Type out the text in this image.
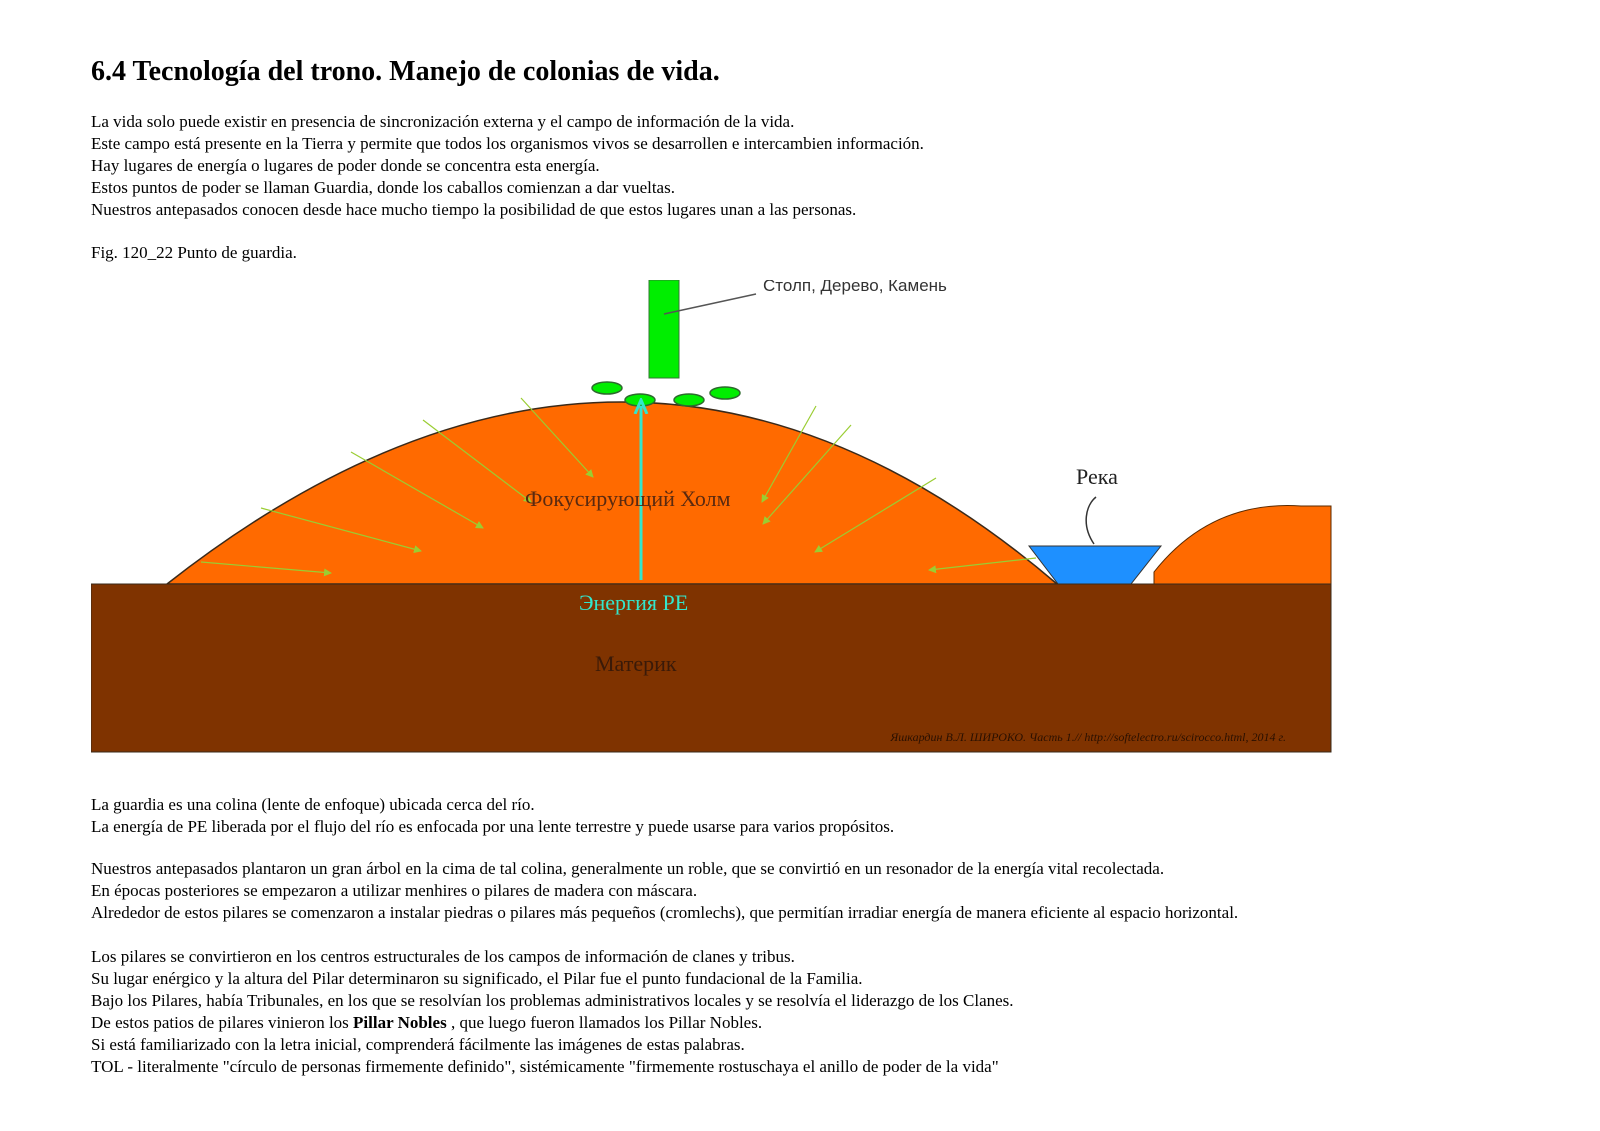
6.4 Tecnología del trono. Manejo de colonias de vida.
La vida solo puede existir en presencia de sincronización externa y el campo de información de la vida.
Este campo está presente en la Tierra y permite que todos los organismos vivos se desarrollen e intercambien información.
Hay lugares de energía o lugares de poder donde se concentra esta energía.
Estos puntos de poder se llaman Guardia, donde los caballos comienzan a dar vueltas.
Nuestros antepasados conocen desde hace mucho tiempo la posibilidad de que estos lugares unan a las personas.
Fig. 120_22 Punto de guardia.
Столп, Дерево, Камень
Река
Фокусирующий Холм
Энергия PE
Материк
Яшкардин В.Л. ШИРОКО. Часть 1.// http://softelectro.ru/scirocco.html, 2014 г.
La guardia es una colina (lente de enfoque) ubicada cerca del río.
La energía de PE liberada por el flujo del río es enfocada por una lente terrestre y puede usarse para varios propósitos.
Nuestros antepasados plantaron un gran árbol en la cima de tal colina, generalmente un roble, que se convirtió en un resonador de la energía vital recolectada.
En épocas posteriores se empezaron a utilizar menhires o pilares de madera con máscara.
Alrededor de estos pilares se comenzaron a instalar piedras o pilares más pequeños (cromlechs), que permitían irradiar energía de manera eficiente al espacio horizontal.
Los pilares se convirtieron en los centros estructurales de los campos de información de clanes y tribus.
Su lugar enérgico y la altura del Pilar determinaron su significado, el Pilar fue el punto fundacional de la Familia.
Bajo los Pilares, había Tribunales, en los que se resolvían los problemas administrativos locales y se resolvía el liderazgo de los Clanes.
De estos patios de pilares vinieron los Pillar Nobles , que luego fueron llamados los Pillar Nobles.
Si está familiarizado con la letra inicial, comprenderá fácilmente las imágenes de estas palabras.
TOL - literalmente "círculo de personas firmemente definido", sistémicamente "firmemente rostuschaya el anillo de poder de la vida"
